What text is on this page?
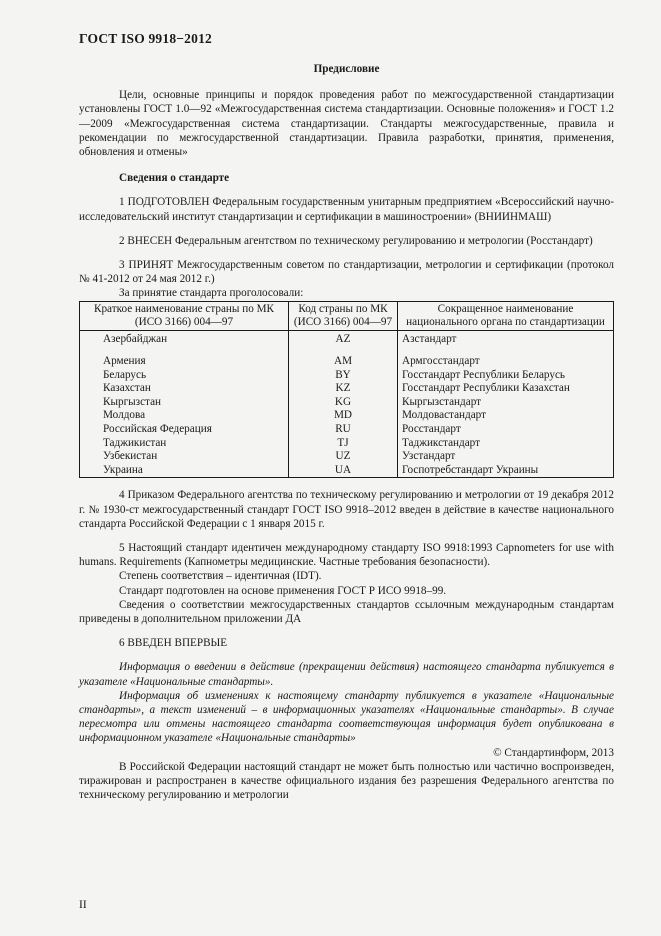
ГОСТ ISO 9918−2012
Предисловие

Цели, основные принципы и порядок проведения работ по межгосударственной стандартизации установлены ГОСТ 1.0—92 «Межгосударственная система стандартизации. Основные положения» и ГОСТ 1.2—2009 «Межгосударственная система стандартизации. Стандарты межгосударственные, правила и рекомендации по межгосударственной стандартизации. Правила разработки, принятия, применения, обновления и отмены»

Сведения о стандарте

1 ПОДГОТОВЛЕН Федеральным государственным унитарным предприятием «Всероссийский научно-исследовательский институт стандартизации и сертификации в машиностроении» (ВНИИНМАШ)

2 ВНЕСЕН Федеральным агентством по техническому регулированию и метрологии (Росстандарт)

3 ПРИНЯТ Межгосударственным советом по стандартизации, метрологии и сертификации (протокол № 41-2012 от 24 мая 2012 г.)

За принятие стандарта проголосовали:

Краткое наименование страны по МК (ИСО 3166) 004—97	Код страны по МК (ИСО 3166) 004—97	Сокращенное наименование национального органа по стандартизации
Азербайджан	AZ	Азстандарт
Армения	AM	Армгосстандарт
Беларусь	BY	Госстандарт Республики Беларусь
Казахстан	KZ	Госстандарт Республики Казахстан
Кыргызстан	KG	Кыргызстандарт
Молдова	MD	Молдовастандарт
Российская Федерация	RU	Росстандарт
Таджикистан	TJ	Таджикстандарт
Узбекистан	UZ	Узстандарт
Украина	UA	Госпотребстандарт Украины

4 Приказом Федерального агентства по техническому регулированию и метрологии от 19 декабря 2012 г. № 1930-ст межгосударственный стандарт ГОСТ ISO 9918–2012 введен в действие в качестве национального стандарта Российской Федерации с 1 января 2015 г.

5 Настоящий стандарт идентичен международному стандарту ISO 9918:1993 Capnometers for use with humans. Requirements (Капнометры медицинские. Частные требования безопасности).

Степень соответствия – идентичная (IDT).

Стандарт подготовлен на основе применения ГОСТ Р ИСО 9918–99.

Сведения о соответствии межгосударственных стандартов ссылочным международным стандартам приведены в дополнительном приложении ДА

6 ВВЕДЕН ВПЕРВЫЕ

Информация о введении в действие (прекращении действия) настоящего стандарта публикуется в указателе «Национальные стандарты».

Информация об изменениях к настоящему стандарту публикуется в указателе «Национальные стандарты», а текст изменений – в информационных указателях «Национальные стандарты». В случае пересмотра или отмены настоящего стандарта соответствующая информация будет опубликована в информационном указателе «Национальные стандарты»

© Стандартинформ, 2013

В Российской Федерации настоящий стандарт не может быть полностью или частично воспроизведен, тиражирован и распространен в качестве официального издания без разрешения Федерального агентства по техническому регулированию и метрологии

II
